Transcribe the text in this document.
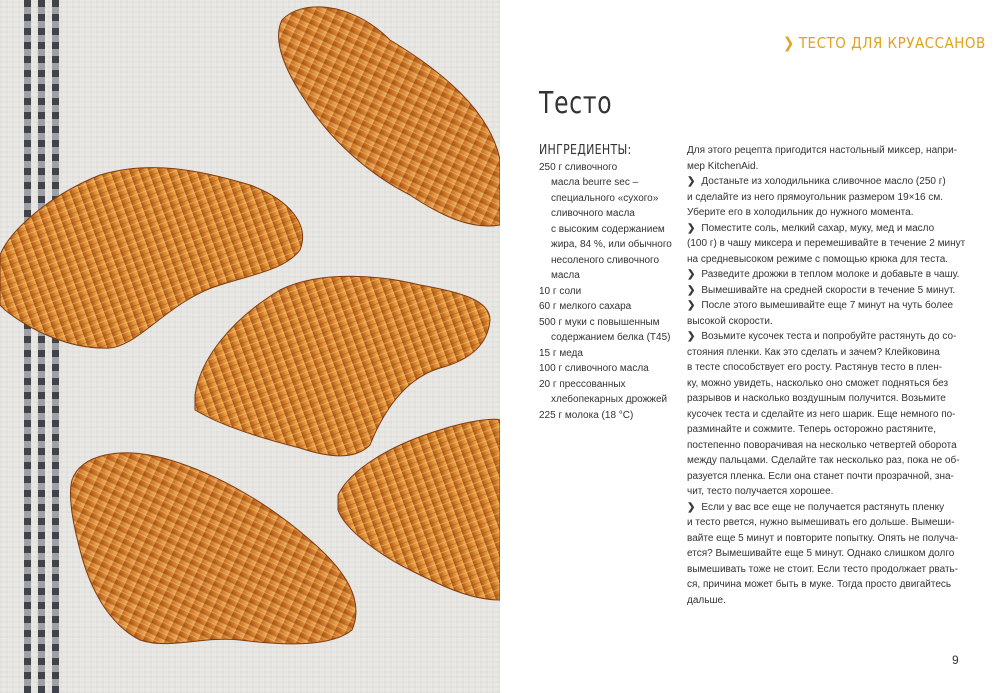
❯ ТЕСТО ДЛЯ КРУАССАНОВ
Тесто
ИНГРЕДИЕНТЫ:
250 г сливочного
масла beurre sec –
специального «сухого»
сливочного масла
с высоким содержанием
жира, 84 %, или обычного
несоленого сливочного
масла
10 г соли
60 г мелкого сахара
500 г муки с повышенным
содержанием белка (T45)
15 г меда
100 г сливочного масла
20 г прессованных
хлебопекарных дрожжей
225 г молока (18 °C)

Для этого рецепта пригодится настольный миксер, напри-
мер KitchenAid.

❯ Достаньте из холодильника сливочное масло (250 г)
и сделайте из него прямоугольник размером 19×16 см.
Уберите его в холодильник до нужного момента.

❯ Поместите соль, мелкий сахар, муку, мед и масло
(100 г) в чашу миксера и перемешивайте в течение 2 минут
на средневысоком режиме с помощью крюка для теста.

❯ Разведите дрожжи в теплом молоке и добавьте в чашу.

❯ Вымешивайте на средней скорости в течение 5 минут.

❯ После этого вымешивайте еще 7 минут на чуть более
высокой скорости.

❯ Возьмите кусочек теста и попробуйте растянуть до со-
стояния пленки. Как это сделать и зачем? Клейковина
в тесте способствует его росту. Растянув тесто в плен-
ку, можно увидеть, насколько оно сможет подняться без
разрывов и насколько воздушным получится. Возьмите
кусочек теста и сделайте из него шарик. Еще немного по-
разминайте и сожмите. Теперь осторожно растяните,
постепенно поворачивая на несколько четвертей оборота
между пальцами. Сделайте так несколько раз, пока не об-
разуется пленка. Если она станет почти прозрачной, зна-
чит, тесто получается хорошее.

❯ Если у вас все еще не получается растянуть пленку
и тесто рвется, нужно вымешивать его дольше. Вымеши-
вайте еще 5 минут и повторите попытку. Опять не получа-
ется? Вымешивайте еще 5 минут. Однако слишком долго
вымешивать тоже не стоит. Если тесто продолжает рвать-
ся, причина может быть в муке. Тогда просто двигайтесь
дальше.

9
